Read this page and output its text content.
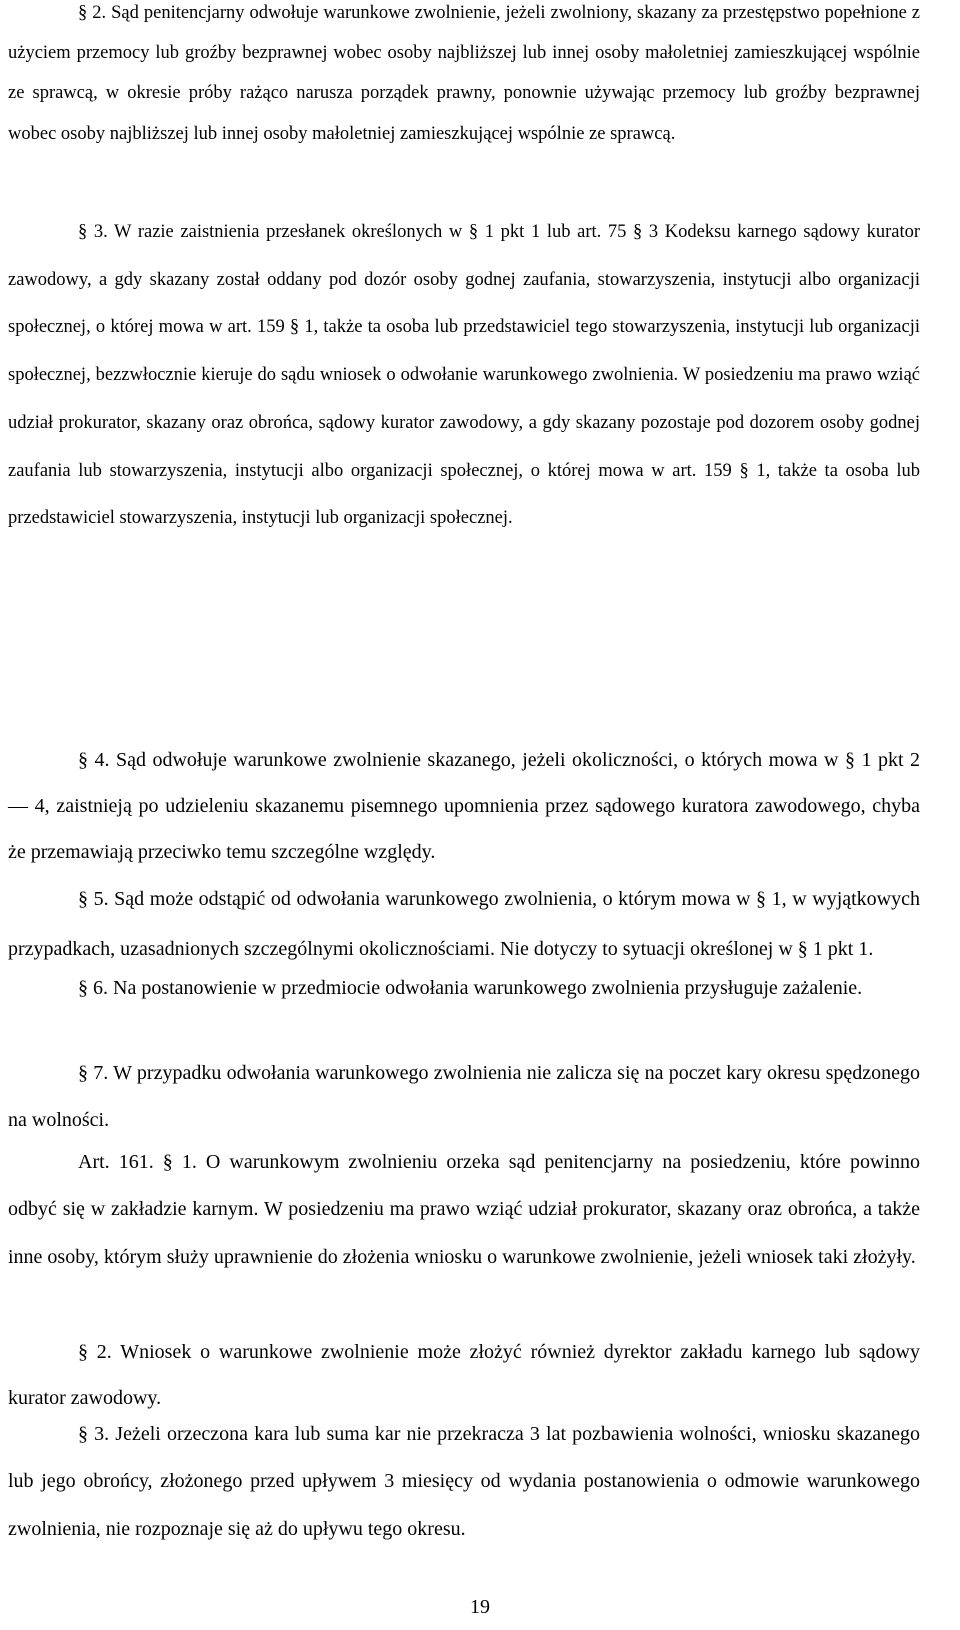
§ 2. Sąd penitencjarny odwołuje warunkowe zwolnienie, jeżeli zwolniony, skazany za przestępstwo popełnione z użyciem przemocy lub groźby bezprawnej wobec osoby najbliższej lub innej osoby małoletniej zamieszkującej wspólnie ze sprawcą, w okresie próby rażąco narusza porządek prawny, ponownie używając przemocy lub groźby bezprawnej wobec osoby najbliższej lub innej osoby małoletniej zamieszkującej wspólnie ze sprawcą.

§ 3. W razie zaistnienia przesłanek określonych w § 1 pkt 1 lub art. 75 § 3 Kodeksu karnego sądowy kurator zawodowy, a gdy skazany został oddany pod dozór osoby godnej zaufania, stowarzyszenia, instytucji albo organizacji społecznej, o której mowa w art. 159 § 1, także ta osoba lub przedstawiciel tego stowarzyszenia, instytucji lub organizacji społecznej, bezzwłocznie kieruje do sądu wniosek o odwołanie warunkowego zwolnienia. W posiedzeniu ma prawo wziąć udział prokurator, skazany oraz obrońca, sądowy kurator zawodowy, a gdy skazany pozostaje pod dozorem osoby godnej zaufania lub stowarzyszenia, instytucji albo organizacji społecznej, o której mowa w art. 159 § 1, także ta osoba lub przedstawiciel stowarzyszenia, instytucji lub organizacji społecznej.

§ 4. Sąd odwołuje warunkowe zwolnienie skazanego, jeżeli okoliczności, o których mowa w § 1 pkt 2 — 4, zaistnieją po udzieleniu skazanemu pisemnego upomnienia przez sądowego kuratora zawodowego, chyba że przemawiają przeciwko temu szczególne względy.

§ 5. Sąd może odstąpić od odwołania warunkowego zwolnienia, o którym mowa w § 1, w wyjątkowych przypadkach, uzasadnionych szczególnymi okolicznościami. Nie dotyczy to sytuacji określonej w § 1 pkt 1.

§ 6. Na postanowienie w przedmiocie odwołania warunkowego zwolnienia przysługuje zażalenie.

§ 7. W przypadku odwołania warunkowego zwolnienia nie zalicza się na poczet kary okresu spędzonego na wolności.

Art. 161. § 1. O warunkowym zwolnieniu orzeka sąd penitencjarny na posiedzeniu, które powinno odbyć się w zakładzie karnym. W posiedzeniu ma prawo wziąć udział prokurator, skazany oraz obrońca, a także inne osoby, którym służy uprawnienie do złożenia wniosku o warunkowe zwolnienie, jeżeli wniosek taki złożyły.

§ 2. Wniosek o warunkowe zwolnienie może złożyć również dyrektor zakładu karnego lub sądowy kurator zawodowy.

§ 3. Jeżeli orzeczona kara lub suma kar nie przekracza 3 lat pozbawienia wolności, wniosku skazanego lub jego obrońcy, złożonego przed upływem 3 miesięcy od wydania postanowienia o odmowie warunkowego zwolnienia, nie rozpoznaje się aż do upływu tego okresu.

19
